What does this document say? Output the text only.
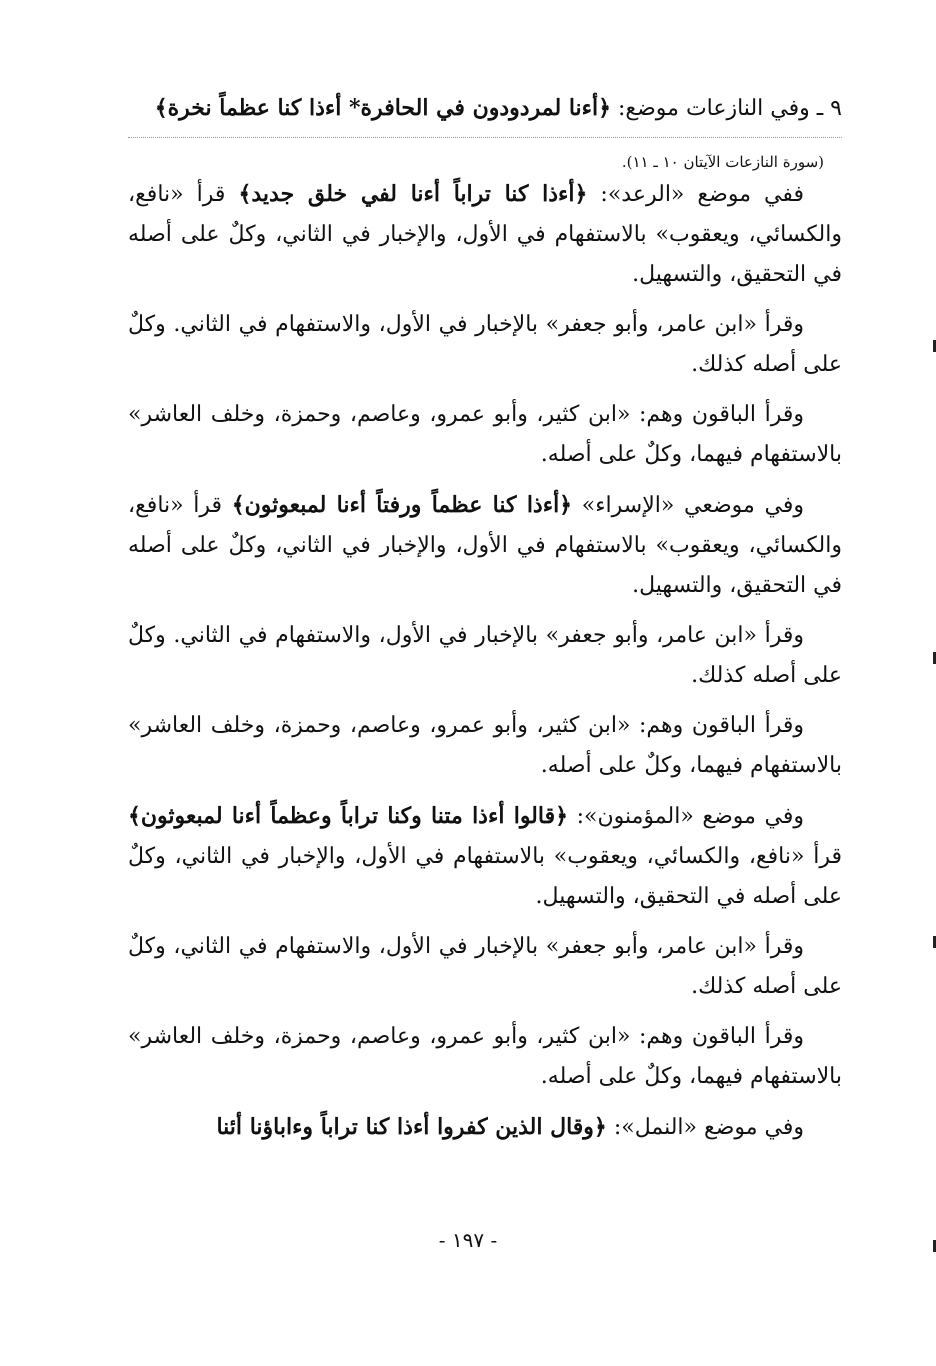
٩ ـ وفي النازعات موضع: ﴿أءنا لمردودون في الحافرة* أءذا كنا عظماً نخرة﴾

(سورة النازعات الآيتان ١٠ ـ ١١).

ففي موضع «الرعد»: ﴿أءذا كنا تراباً أءنا لفي خلق جديد﴾ قرأ «نافع، والكسائي، ويعقوب» بالاستفهام في الأول، والإخبار في الثاني، وكلٌ على أصله في التحقيق، والتسهيل.

وقرأ «ابن عامر، وأبو جعفر» بالإخبار في الأول، والاستفهام في الثاني. وكلٌ على أصله كذلك.

وقرأ الباقون وهم: «ابن كثير، وأبو عمرو، وعاصم، وحمزة، وخلف العاشر» بالاستفهام فيهما، وكلٌ على أصله.

وفي موضعي «الإسراء» ﴿أءذا كنا عظماً ورفتاً أءنا لمبعوثون﴾ قرأ «نافع، والكسائي، ويعقوب» بالاستفهام في الأول، والإخبار في الثاني، وكلٌ على أصله في التحقيق، والتسهيل.

وقرأ «ابن عامر، وأبو جعفر» بالإخبار في الأول، والاستفهام في الثاني. وكلٌ على أصله كذلك.

وقرأ الباقون وهم: «ابن كثير، وأبو عمرو، وعاصم، وحمزة، وخلف العاشر» بالاستفهام فيهما، وكلٌ على أصله.

وفي موضع «المؤمنون»: ﴿قالوا أءذا متنا وكنا تراباً وعظماً أءنا لمبعوثون﴾ قرأ «نافع، والكسائي، ويعقوب» بالاستفهام في الأول، والإخبار في الثاني، وكلٌ على أصله في التحقيق، والتسهيل.

وقرأ «ابن عامر، وأبو جعفر» بالإخبار في الأول، والاستفهام في الثاني، وكلٌ على أصله كذلك.

وقرأ الباقون وهم: «ابن كثير، وأبو عمرو، وعاصم، وحمزة، وخلف العاشر» بالاستفهام فيهما، وكلٌ على أصله.

وفي موضع «النمل»: ﴿وقال الذين كفروا أءذا كنا تراباً وءاباؤنا أئنا

- ١٩٧ -
